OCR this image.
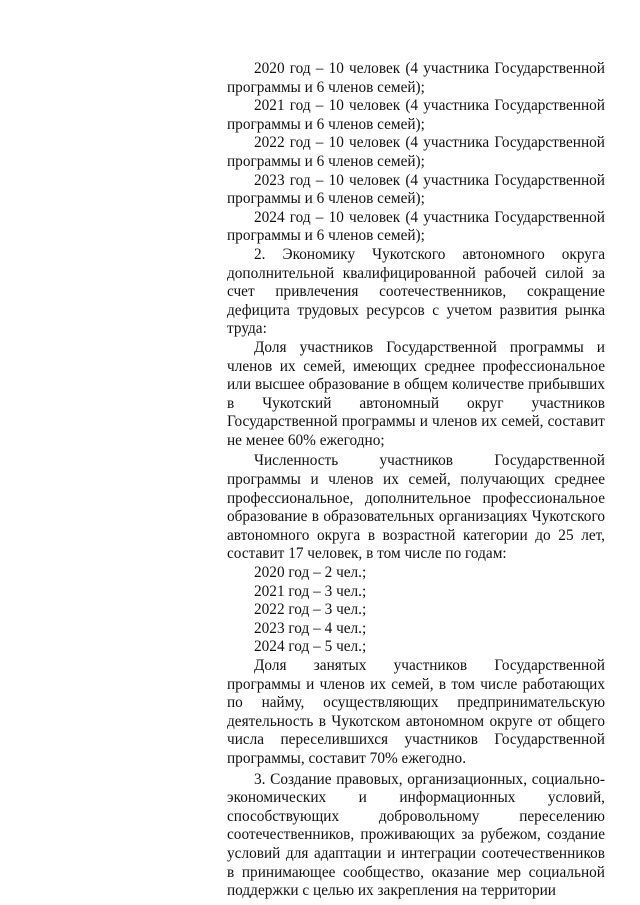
2020 год – 10 человек (4 участника Государственной программы и 6 членов семей);

2021 год – 10 человек (4 участника Государственной программы и 6 членов семей);

2022 год – 10 человек (4 участника Государственной программы и 6 членов семей);

2023 год – 10 человек (4 участника Государственной программы и 6 членов семей);

2024 год – 10 человек (4 участника Государственной программы и 6 членов семей);

2. Экономику Чукотского автономного округа дополнительной квалифицированной рабочей силой за счет привлечения соотечественников, сокращение дефицита трудовых ресурсов с учетом развития рынка труда:

Доля участников Государственной программы и членов их семей, имеющих среднее профессиональное или высшее образование в общем количестве прибывших в Чукотский автономный округ участников Государственной программы и членов их семей, составит не менее 60% ежегодно;

Численность участников Государственной программы и членов их семей, получающих среднее профессиональное, дополнительное профессиональное образование в образовательных организациях Чукотского автономного округа в возрастной категории до 25 лет, составит 17 человек, в том числе по годам:

2020 год – 2 чел.;

2021 год – 3 чел.;

2022 год – 3 чел.;

2023 год – 4 чел.;

2024 год – 5 чел.;

Доля занятых участников Государственной программы и членов их семей, в том числе работающих по найму, осуществляющих предпринимательскую деятельность в Чукотском автономном округе от общего числа переселившихся участников Государственной программы, составит 70% ежегодно.

3. Создание правовых, организационных, социально-экономических и информационных условий, способствующих добровольному переселению соотечественников, проживающих за рубежом, создание условий для адаптации и интеграции соотечественников в принимающее сообщество, оказание мер социальной поддержки с целью их закрепления на территории
